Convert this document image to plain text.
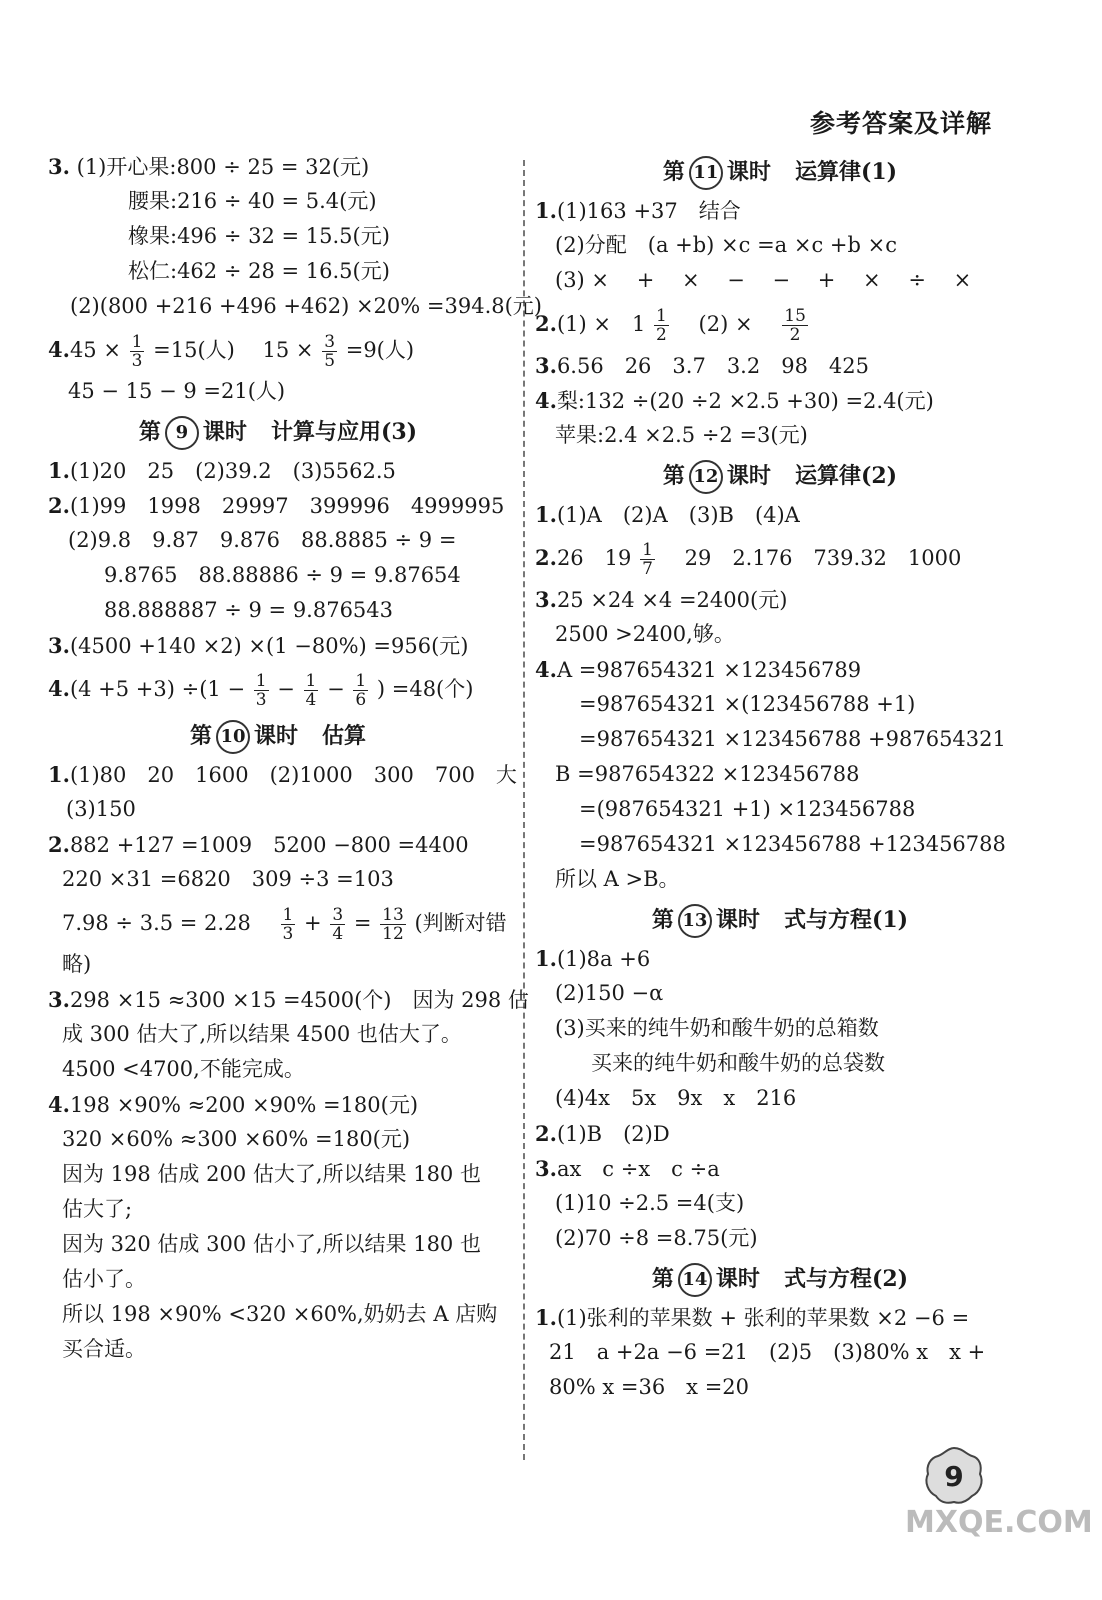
参考答案及详解
3. (1)开心果:800 ÷ 25 = 32(元)
腰果:216 ÷ 40 = 5.4(元)
橡果:496 ÷ 32 = 15.5(元)
松仁:462 ÷ 28 = 16.5(元)
(2)(800 +216 +496 +462) ×20% =394.8(元)
$4.45 \times \frac{1}{3} =15$(人)　 $15 \times \frac{3}{5} =9$(人)
45 − 15 − 9 =21(人)
第 9 课时 计算与应用(3)
1.(1)20　25　(2)39.2　(3)5562.5
2.(1)99　1998　29997　399996　4999995
(2)9.8　9.87　9.876　88.8885 ÷ 9 =
9.8765　88.88886 ÷ 9 = 9.87654
88.888887 ÷ 9 = 9.876543
3.(4500 +140 ×2) ×(1 −80%) =956(元)
$4.(4 +5 +3) \div(1 - \frac{1}{3} - \frac{1}{4} - \frac{1}{6}$ ) =48(个)
第 10 课时 估算
1.(1)80　20　1600　(2)1000　300　700　大
(3)150
2.882 +127 =1009　5200 −800 =4400
220 ×31 =6820　309 ÷3 =103
7.98 ÷ 3.5 = 2.28　 $\frac{1}{3} + \frac{3}{4} = \frac{13}{12}$ (判断对错
略)
3.298 ×15 ≈300 ×15 =4500(个)　因为 298 估
成 300 估大了,所以结果 4500 也估大了。
4500 <4700,不能完成。
4.198 ×90% ≈200 ×90% =180(元)
320 ×60% ≈300 ×60% =180(元)
因为 198 估成 200 估大了,所以结果 180 也
估大了;
因为 320 估成 300 估小了,所以结果 180 也
估小了。
所以 198 ×90% <320 ×60%,奶奶去 A 店购
买合适。
第 11 课时 运算律(1)
1.(1)163 +37　结合
(2)分配　(a +b) ×c =a ×c +b ×c
(3) ×　 +　 ×　 −　 −　 +　 ×　 ÷　 ×
2.(1) ×　$1 \frac{1}{2}$ 　(2) ×　 $\frac{15}{2}$
3.6.56　26　3.7　3.2　98　425
4.梨:132 ÷(20 ÷2 ×2.5 +30) =2.4(元)
苹果:2.4 ×2.5 ÷2 =3(元)
第 12 课时 运算律(2)
1.(1)A　(2)A　(3)B　(4)A
2.26　$19 \frac{1}{7}$ 　29　2.176　739.32　1000
3.25 ×24 ×4 =2400(元)
2500 >2400,够。
4.A =987654321 ×123456789
=987654321 ×(123456788 +1)
=987654321 ×123456788 +987654321
B =987654322 ×123456788
=(987654321 +1) ×123456788
=987654321 ×123456788 +123456788
所以 A >B。
第 13 课时 式与方程(1)
1.(1)8a +6
(2)150 −α
(3)买来的纯牛奶和酸牛奶的总箱数
买来的纯牛奶和酸牛奶的总袋数
(4)4x　5x　9x　x　216
2.(1)B　(2)D
3.ax　c ÷x　c ÷a
(1)10 ÷2.5 =4(支)
(2)70 ÷8 =8.75(元)
第 14 课时 式与方程(2)
1.(1)张利的苹果数 + 张利的苹果数 ×2 −6 =
21　a +2a −6 =21　(2)5　(3)80% x　x +
80% x =36　x =20
9
MXQE.COM
